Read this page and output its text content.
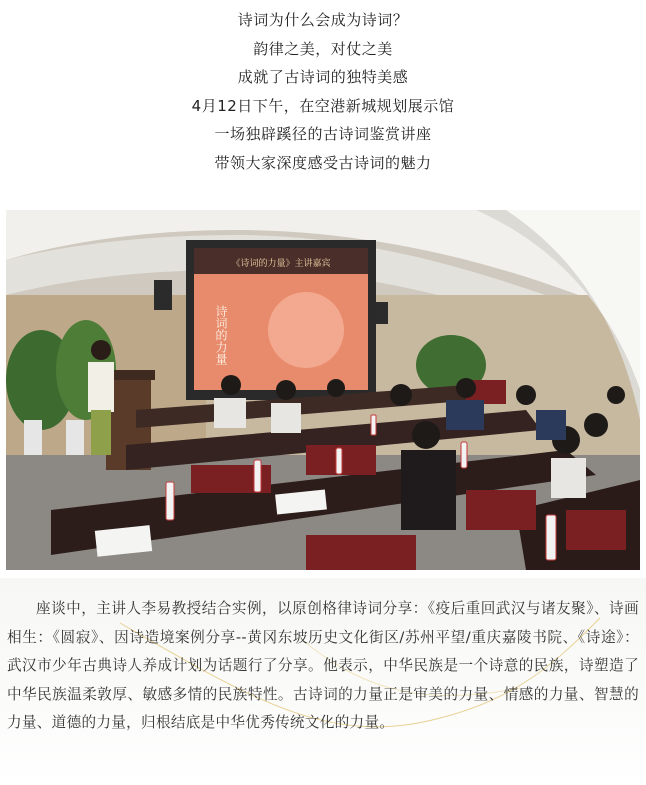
诗词为什么会成为诗词？
韵律之美，对仗之美
成就了古诗词的独特美感
4月12日下午，在空港新城规划展示馆
一场独辟蹊径的古诗词鉴赏讲座
带领大家深度感受古诗词的魅力
《诗词的力量》主讲嘉宾
诗词的力量
座谈中，主讲人李易教授结合实例，以原创格律诗词分享：《疫后重回武汉与诸友聚》、诗画相生：《圆寂》、因诗造境案例分享--黄冈东坡历史文化街区/苏州平望/重庆嘉陵书院、《诗途》：武汉市少年古典诗人养成计划为话题行了分享。他表示，中华民族是一个诗意的民族，诗塑造了中华民族温柔敦厚、敏感多情的民族特性。古诗词的力量正是审美的力量、情感的力量、智慧的力量、道德的力量，归根结底是中华优秀传统文化的力量。
